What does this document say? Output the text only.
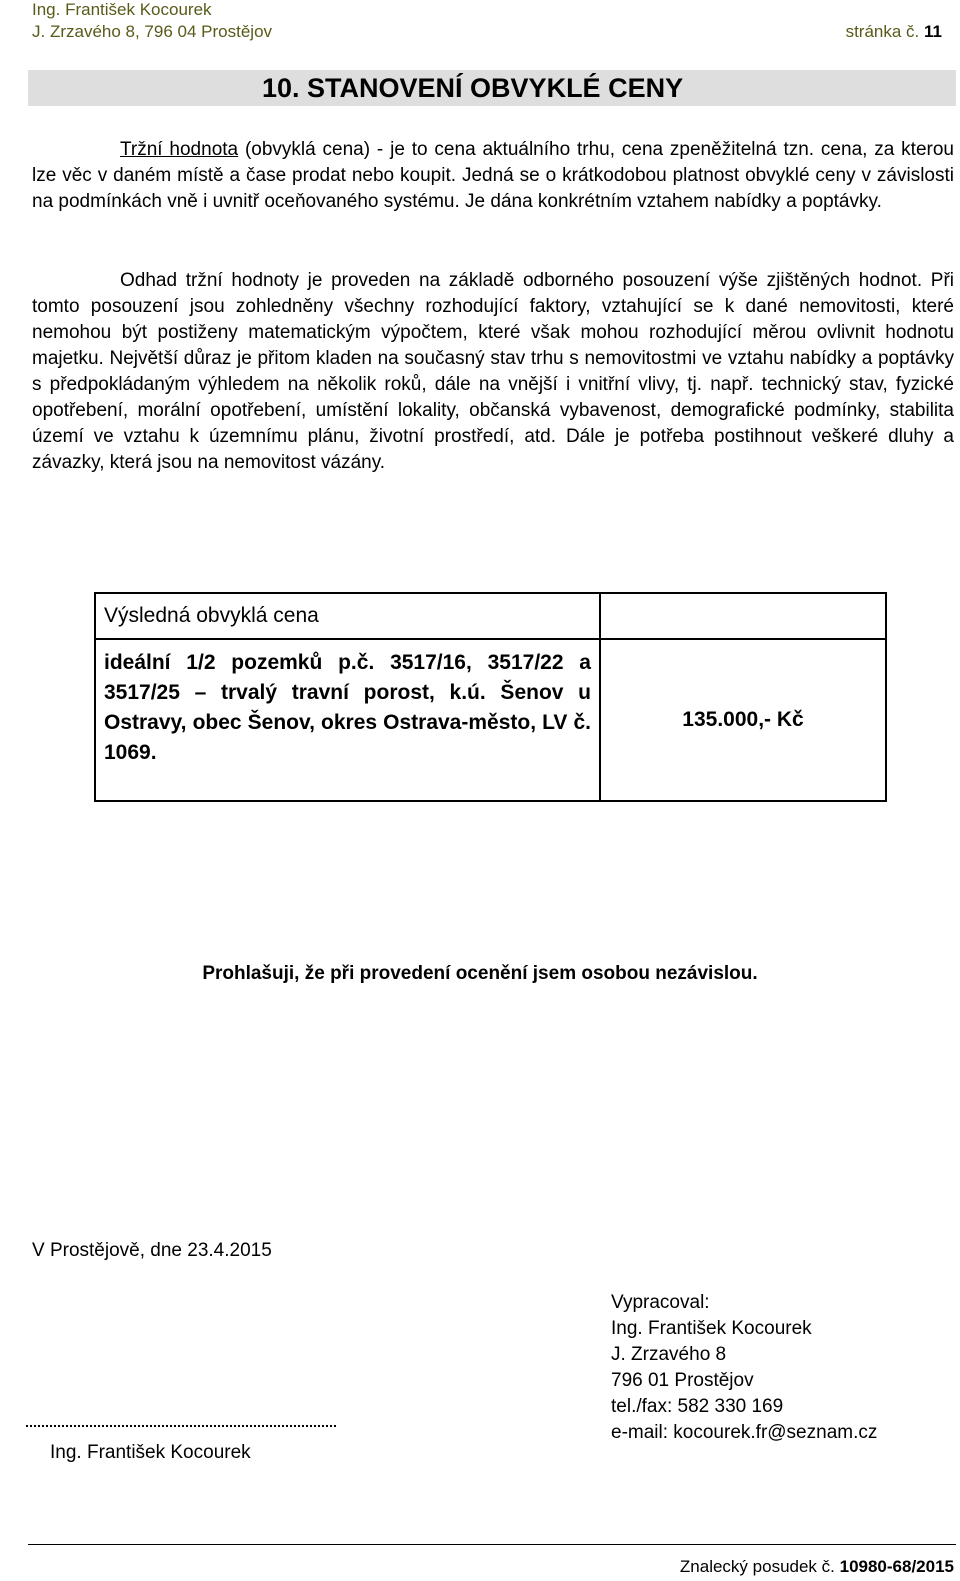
Ing. František Kocourek
J. Zrzavého 8, 796 04 Prostějov	stránka č. 11
10. STANOVENÍ OBVYKLÉ CENY
Tržní hodnota (obvyklá cena) - je to cena aktuálního trhu, cena zpeněžitelná tzn. cena, za kterou lze věc v daném místě a čase prodat nebo koupit. Jedná se o krátkodobou platnost obvyklé ceny v závislosti na podmínkách vně i uvnitř oceňovaného systému. Je dána konkrétním vztahem nabídky a poptávky.
Odhad tržní hodnoty je proveden na základě odborného posouzení výše zjištěných hodnot. Při tomto posouzení jsou zohledněny všechny rozhodující faktory, vztahující se k dané nemovitosti, které nemohou být postiženy matematickým výpočtem, které však mohou rozhodující měrou ovlivnit hodnotu majetku. Největší důraz je přitom kladen na současný stav trhu s nemovitostmi ve vztahu nabídky a poptávky s předpokládaným výhledem na několik roků, dále na vnější i vnitřní vlivy, tj. např. technický stav, fyzické opotřebení, morální opotřebení, umístění lokality, občanská vybavenost, demografické podmínky, stabilita území ve vztahu k územnímu plánu, životní prostředí, atd. Dále je potřeba postihnout veškeré dluhy a závazky, která jsou na nemovitost vázány.
Výsledná obvyklá cena	

ideální 1/2 pozemků p.č. 3517/16, 3517/22 a 3517/25 – trvalý travní porost, k.ú. Šenov u Ostravy, obec Šenov, okres Ostrava-město, LV č. 1069.	135.000,- Kč
Prohlašuji, že při provedení ocenění jsem osobou nezávislou.
V Prostějově, dne 23.4.2015
Vypracoval:
Ing. František Kocourek
J. Zrzavého 8
796 01 Prostějov
tel./fax: 582 330 169
e-mail: kocourek.fr@seznam.cz
Ing. František Kocourek
Znalecký posudek č. 10980-68/2015
